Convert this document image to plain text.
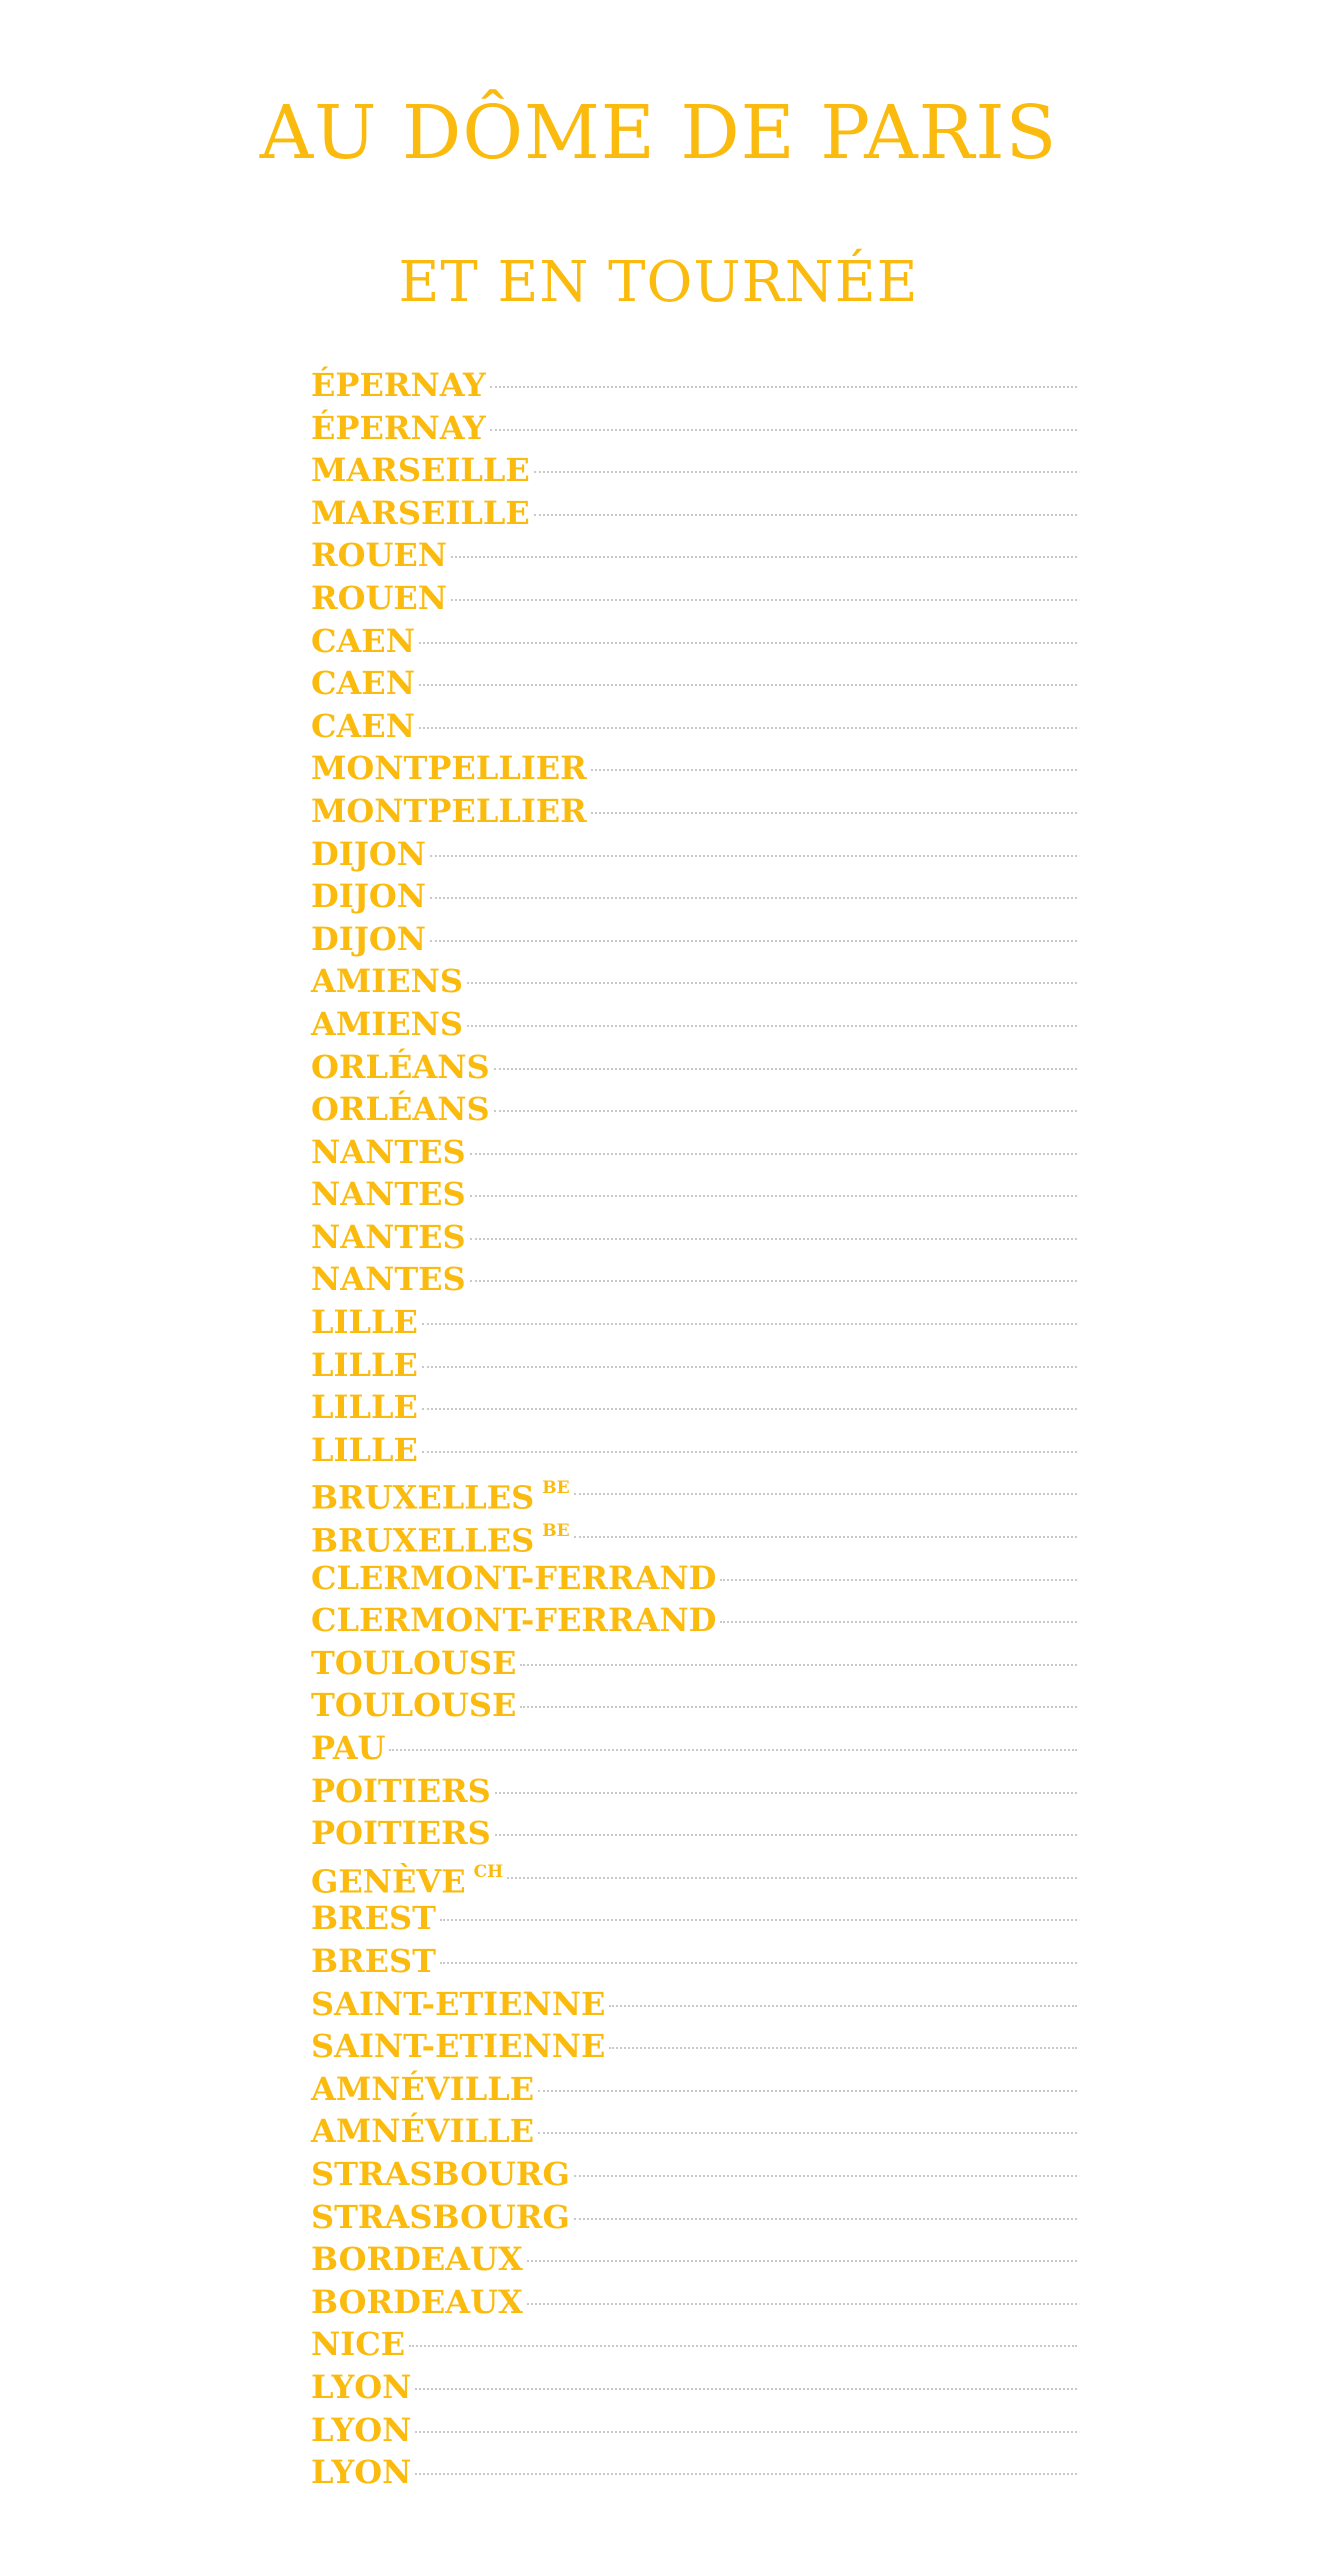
AU DÔME DE PARIS
ET EN TOURNÉE
ÉPERNAY
ÉPERNAY
MARSEILLE
MARSEILLE
ROUEN
ROUEN
CAEN
CAEN
CAEN
MONTPELLIER
MONTPELLIER
DIJON
DIJON
DIJON
AMIENS
AMIENS
ORLÉANS
ORLÉANS
NANTES
NANTES
NANTES
NANTES
LILLE
LILLE
LILLE
LILLE
BRUXELLES $^{BE}$
BRUXELLES $^{BE}$
CLERMONT-FERRAND
CLERMONT-FERRAND
TOULOUSE
TOULOUSE
PAU
POITIERS
POITIERS
GENÈVE $^{CH}$
BREST
BREST
SAINT-ETIENNE
SAINT-ETIENNE
AMNÉVILLE
AMNÉVILLE
STRASBOURG
STRASBOURG
BORDEAUX
BORDEAUX
NICE
LYON
LYON
LYON
